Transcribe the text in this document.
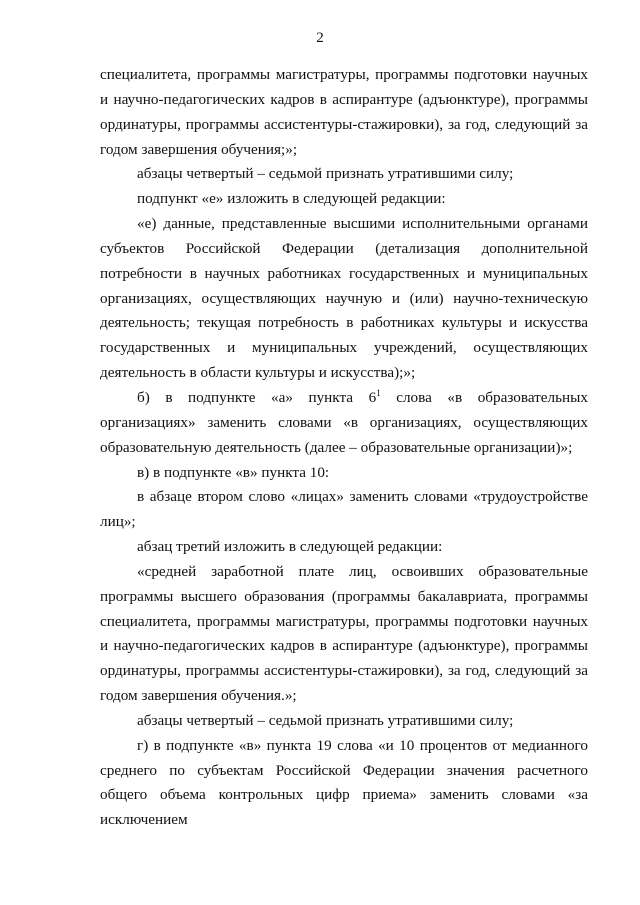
2

специалитета, программы магистратуры, программы подготовки научных и научно-педагогических кадров в аспирантуре (адъюнктуре), программы ординатуры, программы ассистентуры-стажировки), за год, следующий за годом завершения обучения;»;

абзацы четвертый – седьмой признать утратившими силу;

подпункт «е» изложить в следующей редакции:

«е) данные, представленные высшими исполнительными органами субъектов Российской Федерации (детализация дополнительной потребности в научных работниках государственных и муниципальных организациях, осуществляющих научную и (или) научно-техническую деятельность; текущая потребность в работниках культуры и искусства государственных и муниципальных учреждений, осуществляющих деятельность в области культуры и искусства);»;

б) в подпункте «а» пункта $6^1$ слова «в образовательных организациях» заменить словами «в организациях, осуществляющих образовательную деятельность (далее – образовательные организации)»;

в) в подпункте «в» пункта 10:

в абзаце втором слово «лицах» заменить словами «трудоустройстве лиц»;

абзац третий изложить в следующей редакции:

«средней заработной плате лиц, освоивших образовательные программы высшего образования (программы бакалавриата, программы специалитета, программы магистратуры, программы подготовки научных и научно-педагогических кадров в аспирантуре (адъюнктуре), программы ординатуры, программы ассистентуры-стажировки), за год, следующий за годом завершения обучения.»;

абзацы четвертый – седьмой признать утратившими силу;

г) в подпункте «в» пункта 19 слова «и 10 процентов от медианного среднего по субъектам Российской Федерации значения расчетного общего объема контрольных цифр приема» заменить словами «за исключением
